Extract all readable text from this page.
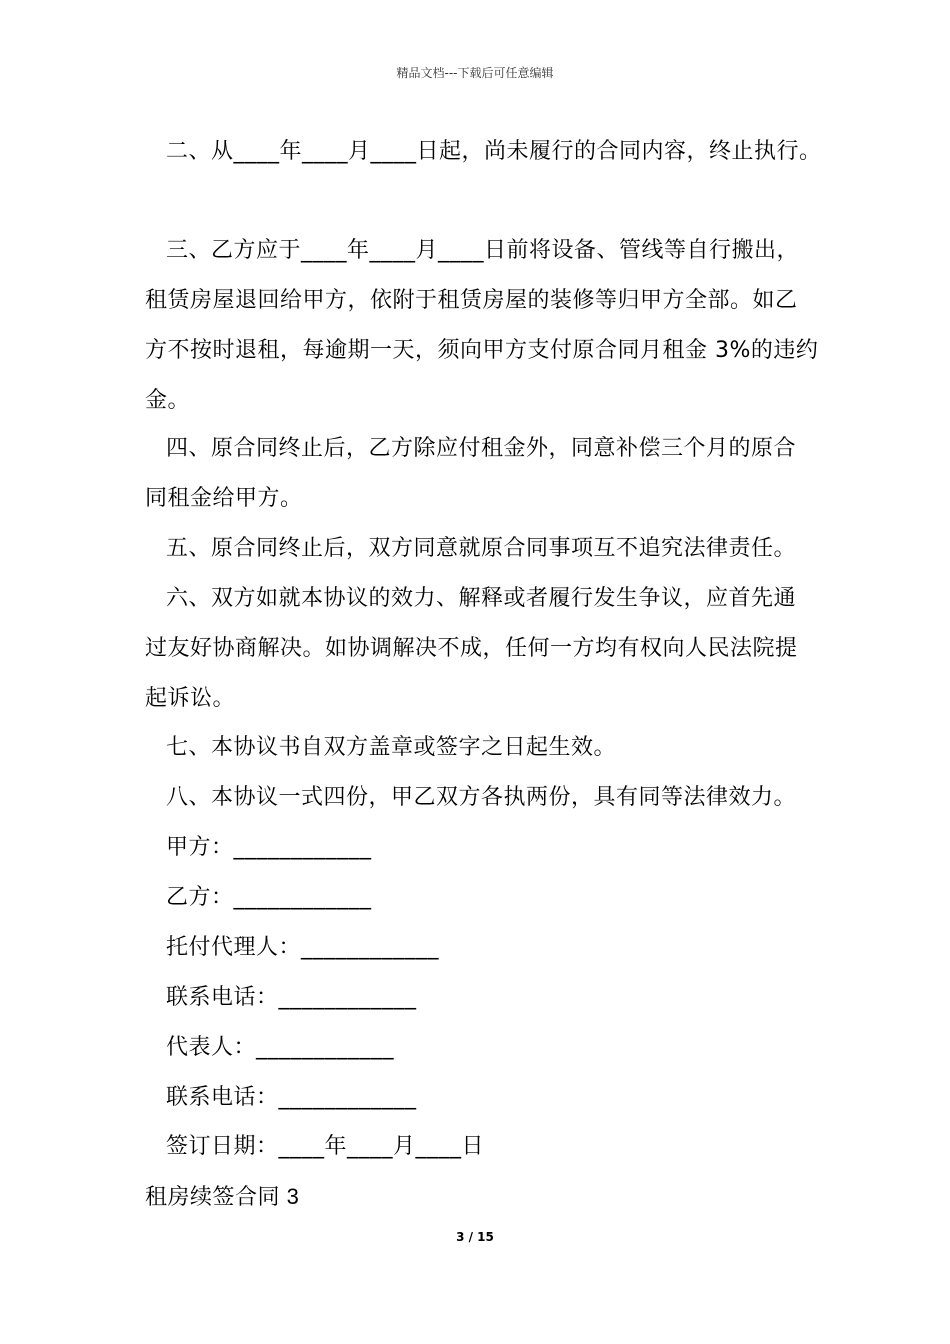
精品文档---下载后可任意编辑
二、从____年____月____日起，尚未履行的合同内容，终止执行。
三、乙方应于____年____月____日前将设备、管线等自行搬出，
租赁房屋退回给甲方，依附于租赁房屋的装修等归甲方全部。如乙
方不按时退租，每逾期一天，须向甲方支付原合同月租金 3%的违约
金。
四、原合同终止后，乙方除应付租金外，同意补偿三个月的原合
同租金给甲方。
五、原合同终止后，双方同意就原合同事项互不追究法律责任。
六、双方如就本协议的效力、解释或者履行发生争议，应首先通
过友好协商解决。如协调解决不成，任何一方均有权向人民法院提
起诉讼。
七、本协议书自双方盖章或签字之日起生效。
八、本协议一式四份，甲乙双方各执两份，具有同等法律效力。
甲方：____________
乙方：____________
托付代理人：____________
联系电话：____________
代表人：____________
联系电话：____________
签订日期：____年____月____日
租房续签合同 3
3 / 15
